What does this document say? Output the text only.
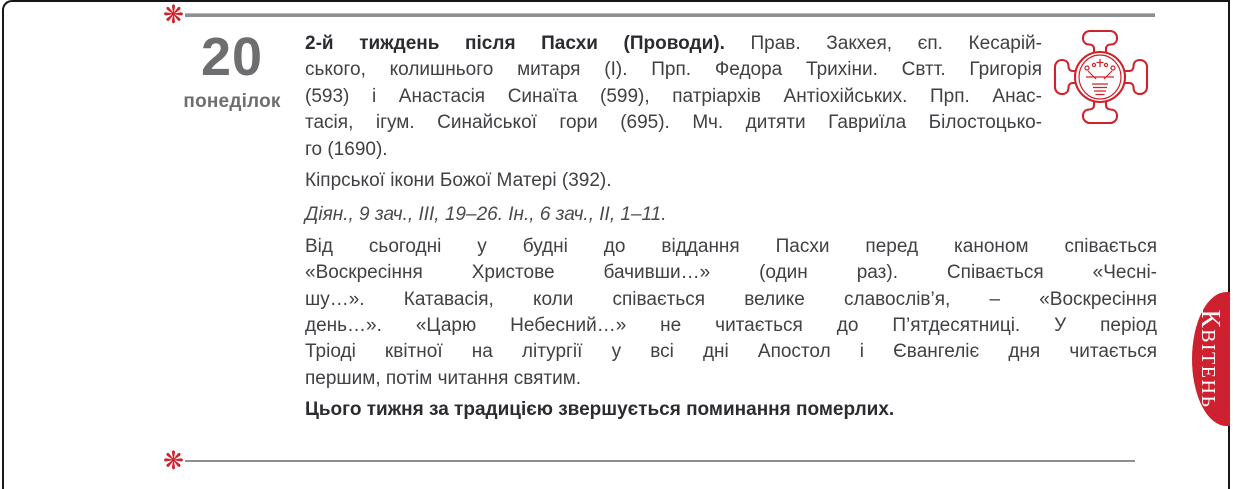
❋
20
понеділок
2-й тиждень після Пасхи (Проводи). Прав. Закхея, єп. Кесарій-
ського, колишнього митаря (І). Прп. Федора Трихіни. Свтт. Григорія
(593) і Анастасія Синаїта (599), патріархів Антіохійських. Прп. Анас-
тасія, ігум. Синайської гори (695). Мч. дитяти Гавриїла Білостоцько-
го (1690).
Кіпрської ікони Божої Матері (392).
Діян., 9 зач., ІІІ, 19–26. Ін., 6 зач., ІІ, 1–11.
Від сьогодні у будні до віддання Пасхи перед каноном співається
«Воскресіння Христове бачивши…» (один раз). Співається «Чесні-
шу…». Катавасія, коли співається велике славослів’я, – «Воскресіння
день…». «Царю Небесний…» не читається до П’ятдесятниці. У період
Тріоді квітної на літургії у всі дні Апостол і Євангеліє дня читається
першим, потім читання святим.
Цього тижня за традицією звершується поминання померлих.
❋
КВІТЕНЬ
